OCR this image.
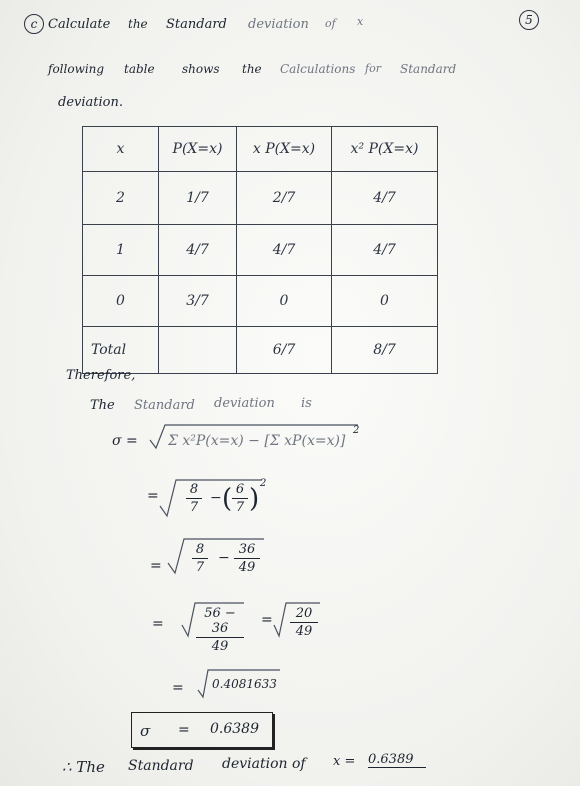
c	5
Calculate the Standard deviation of x
following table shows the Calculations for Standard
deviation.
x	P(X=x)	x P(X=x)	x² P(X=x)
2	1/7	2/7	4/7
1	4/7	4/7	4/7
0	3/7	0	0
Total		6/7	8/7
Therefore,
The Standard deviation is
σ = Σ x²P(x=x) − [Σ xP(x=x)]
2
= 8
7
− ( 6
7 )
2
=
8
7
−
36
49
=
56 − 36
49
=	20
49
= 0.4081633
σ = 0.6389
∴ The Standard deviation of x = 0.6389
